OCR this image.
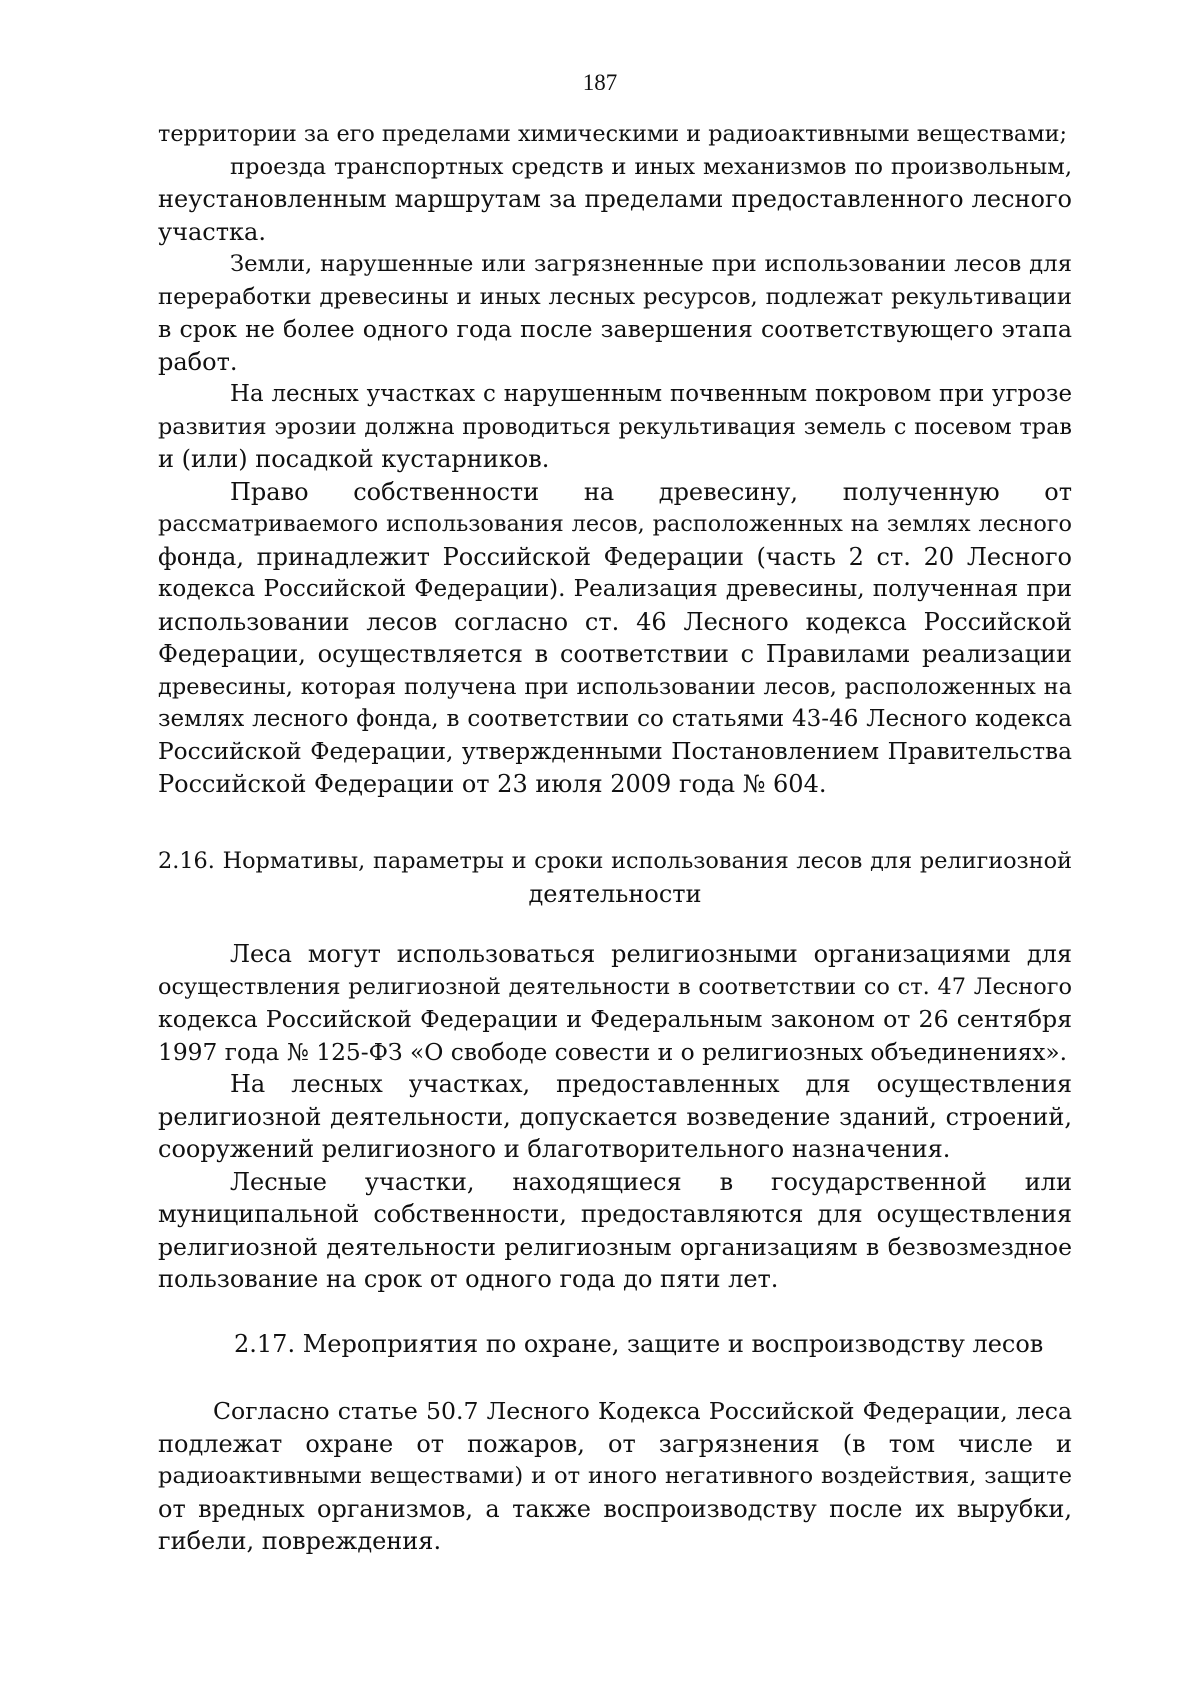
187
территории за его пределами химическими и радиоактивными веществами;
проезда транспортных средств и иных механизмов по произвольным,
неустановленным маршрутам за пределами предоставленного лесного
участка.
Земли, нарушенные или загрязненные при использовании лесов для
переработки древесины и иных лесных ресурсов, подлежат рекультивации
в срок не более одного года после завершения соответствующего этапа
работ.
На лесных участках с нарушенным почвенным покровом при угрозе
развития эрозии должна проводиться рекультивация земель с посевом трав
и (или) посадкой кустарников.
Право собственности на древесину, полученную от
рассматриваемого использования лесов, расположенных на землях лесного
фонда, принадлежит Российской Федерации (часть 2 ст. 20 Лесного
кодекса Российской Федерации). Реализация древесины, полученная при
использовании лесов согласно ст. 46 Лесного кодекса Российской
Федерации, осуществляется в соответствии с Правилами реализации
древесины, которая получена при использовании лесов, расположенных на
землях лесного фонда, в соответствии со статьями 43-46 Лесного кодекса
Российской Федерации, утвержденными Постановлением Правительства
Российской Федерации от 23 июля 2009 года № 604.
2.16. Нормативы, параметры и сроки использования лесов для религиозной
деятельности
Леса могут использоваться религиозными организациями для
осуществления религиозной деятельности в соответствии со ст. 47 Лесного
кодекса Российской Федерации и Федеральным законом от 26 сентября
1997 года № 125-ФЗ «О свободе совести и о религиозных объединениях».
На лесных участках, предоставленных для осуществления
религиозной деятельности, допускается возведение зданий, строений,
сооружений религиозного и благотворительного назначения.
Лесные участки, находящиеся в государственной или
муниципальной собственности, предоставляются для осуществления
религиозной деятельности религиозным организациям в безвозмездное
пользование на срок от одного года до пяти лет.
2.17. Мероприятия по охране, защите и воспроизводству лесов
Согласно статье 50.7 Лесного Кодекса Российской Федерации, леса
подлежат охране от пожаров, от загрязнения (в том числе и
радиоактивными веществами) и от иного негативного воздействия, защите
от вредных организмов, а также воспроизводству после их вырубки,
гибели, повреждения.
